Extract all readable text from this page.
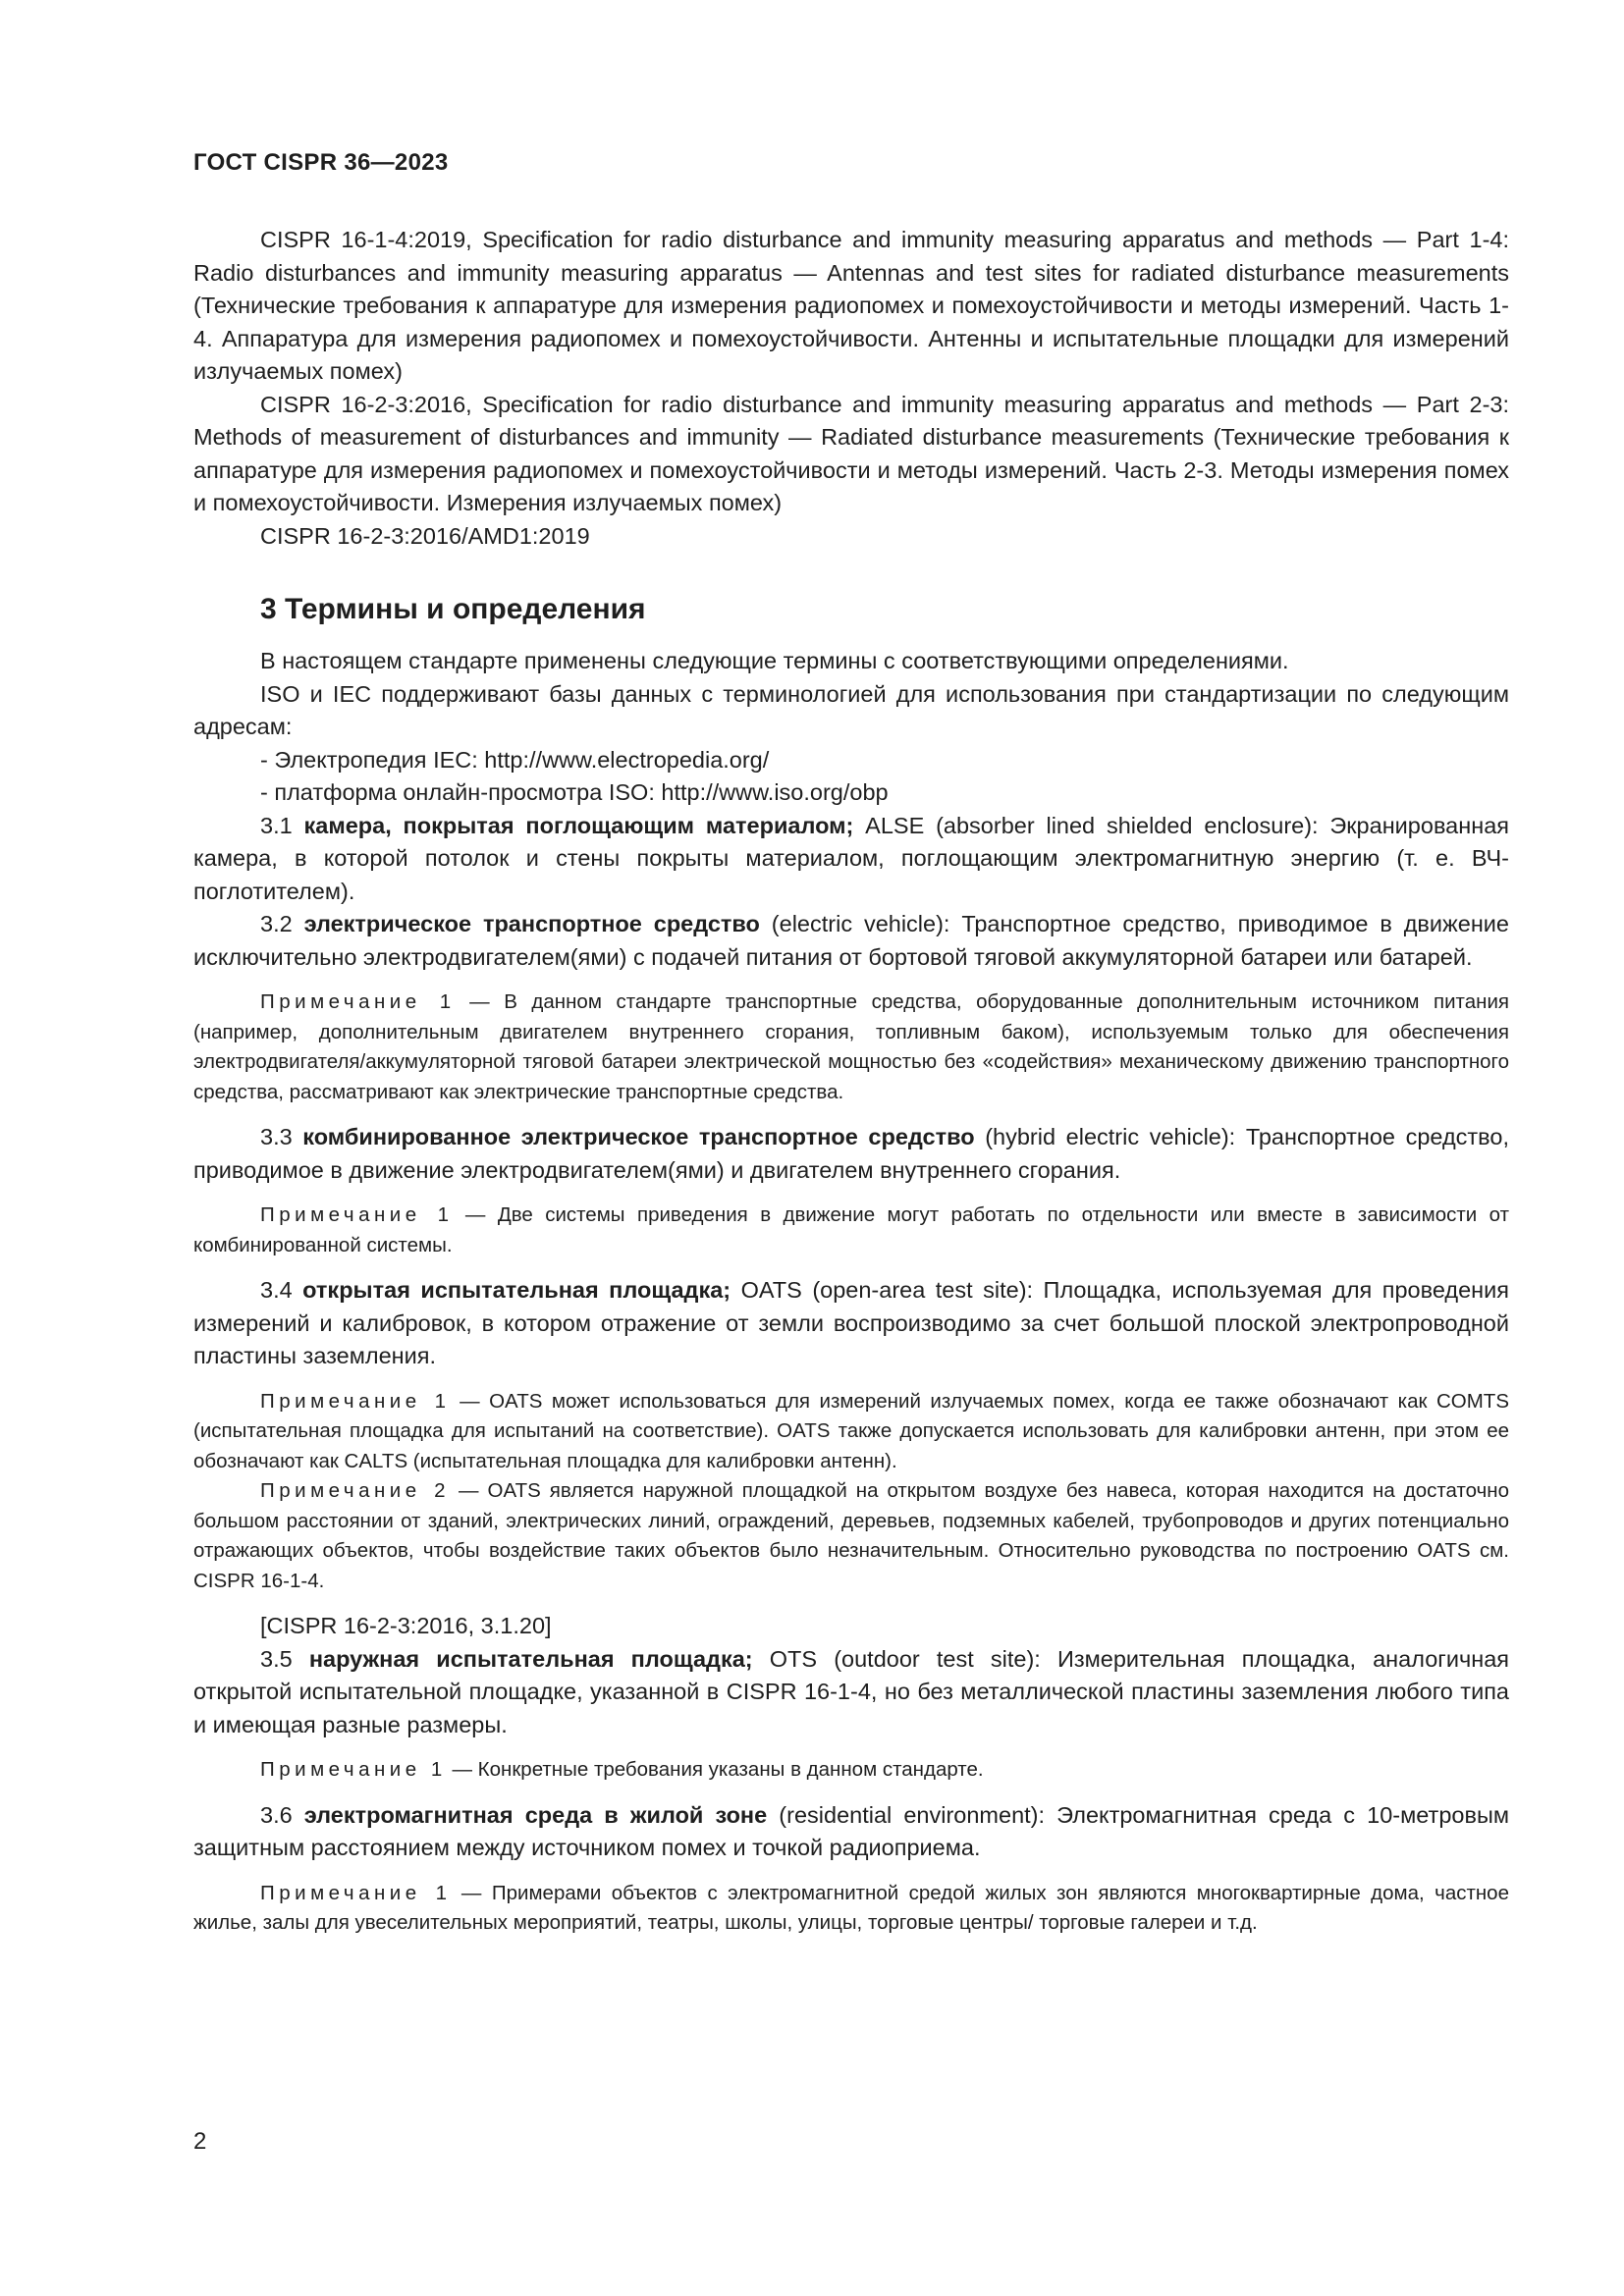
ГОСТ CISPR 36—2023

CISPR 16-1-4:2019, Specification for radio disturbance and immunity measuring apparatus and methods — Part 1-4: Radio disturbances and immunity measuring apparatus — Antennas and test sites for radiated disturbance measurements (Технические требования к аппаратуре для измерения радиопомех и помехоустойчивости и методы измерений. Часть 1-4. Аппаратура для измерения радиопомех и помехоустойчивости. Антенны и испытательные площадки для измерений излучаемых помех)

CISPR 16-2-3:2016, Specification for radio disturbance and immunity measuring apparatus and methods — Part 2-3: Methods of measurement of disturbances and immunity — Radiated disturbance measurements (Технические требования к аппаратуре для измерения радиопомех и помехоустойчивости и методы измерений. Часть 2-3. Методы измерения помех и помехоустойчивости. Измерения излучаемых помех)

CISPR 16-2-3:2016/AMD1:2019

3 Термины и определения

В настоящем стандарте применены следующие термины с соответствующими определениями.

ISO и IEC поддерживают базы данных с терминологией для использования при стандартизации по следующим адресам:

- Электропедия IEC: http://www.electropedia.org/

- платформа онлайн-просмотра ISO: http://www.iso.org/obp

3.1 камера, покрытая поглощающим материалом; ALSE (absorber lined shielded enclosure): Экранированная камера, в которой потолок и стены покрыты материалом, поглощающим электромагнитную энергию (т. е. ВЧ-поглотителем).

3.2 электрическое транспортное средство (electric vehicle): Транспортное средство, приводимое в движение исключительно электродвигателем(ями) с подачей питания от бортовой тяговой аккумуляторной батареи или батарей.

Примечание 1 — В данном стандарте транспортные средства, оборудованные дополнительным источником питания (например, дополнительным двигателем внутреннего сгорания, топливным баком), используемым только для обеспечения электродвигателя/аккумуляторной тяговой батареи электрической мощностью без «содействия» механическому движению транспортного средства, рассматривают как электрические транспортные средства.

3.3 комбинированное электрическое транспортное средство (hybrid electric vehicle): Транспортное средство, приводимое в движение электродвигателем(ями) и двигателем внутреннего сгорания.

Примечание 1 — Две системы приведения в движение могут работать по отдельности или вместе в зависимости от комбинированной системы.

3.4 открытая испытательная площадка; OATS (open-area test site): Площадка, используемая для проведения измерений и калибровок, в котором отражение от земли воспроизводимо за счет большой плоской электропроводной пластины заземления.

Примечание 1 — OATS может использоваться для измерений излучаемых помех, когда ее также обозначают как COMTS (испытательная площадка для испытаний на соответствие). OATS также допускается использовать для калибровки антенн, при этом ее обозначают как CALTS (испытательная площадка для калибровки антенн).

Примечание 2 — OATS является наружной площадкой на открытом воздухе без навеса, которая находится на достаточно большом расстоянии от зданий, электрических линий, ограждений, деревьев, подземных кабелей, трубопроводов и других потенциально отражающих объектов, чтобы воздействие таких объектов было незначительным. Относительно руководства по построению OATS см. CISPR 16-1-4.

[CISPR 16-2-3:2016, 3.1.20]

3.5 наружная испытательная площадка; OTS (outdoor test site): Измерительная площадка, аналогичная открытой испытательной площадке, указанной в CISPR 16-1-4, но без металлической пластины заземления любого типа и имеющая разные размеры.

Примечание 1 — Конкретные требования указаны в данном стандарте.

3.6 электромагнитная среда в жилой зоне (residential environment): Электромагнитная среда с 10-метровым защитным расстоянием между источником помех и точкой радиоприема.

Примечание 1 — Примерами объектов с электромагнитной средой жилых зон являются многоквартирные дома, частное жилье, залы для увеселительных мероприятий, театры, школы, улицы, торговые центры/ торговые галереи и т.д.

2
